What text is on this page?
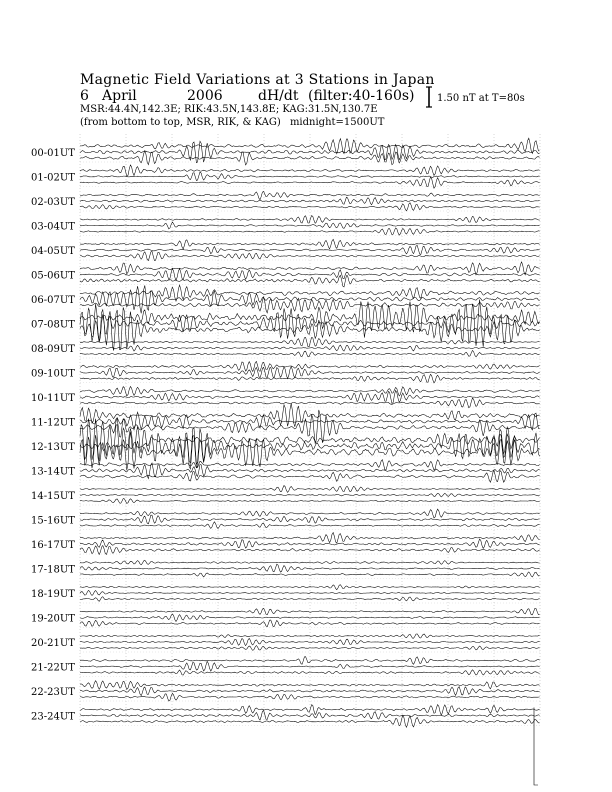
Magnetic Field Variations at 3 Stations in Japan
6 April	2006	dH/dt (filter:40-160s)
MSR:44.4N,142.3E; RIK:43.5N,143.8E; KAG:31.5N,130.7E
(from bottom to top, MSR, RIK, & KAG) midnight=1500UT
1.50 nT at T=80s
00-01UT
01-02UT
02-03UT
03-04UT
04-05UT
05-06UT
06-07UT
07-08UT
08-09UT
09-10UT
10-11UT
11-12UT
12-13UT
13-14UT
14-15UT
15-16UT
16-17UT
17-18UT
18-19UT
19-20UT
20-21UT
21-22UT
22-23UT
23-24UT
